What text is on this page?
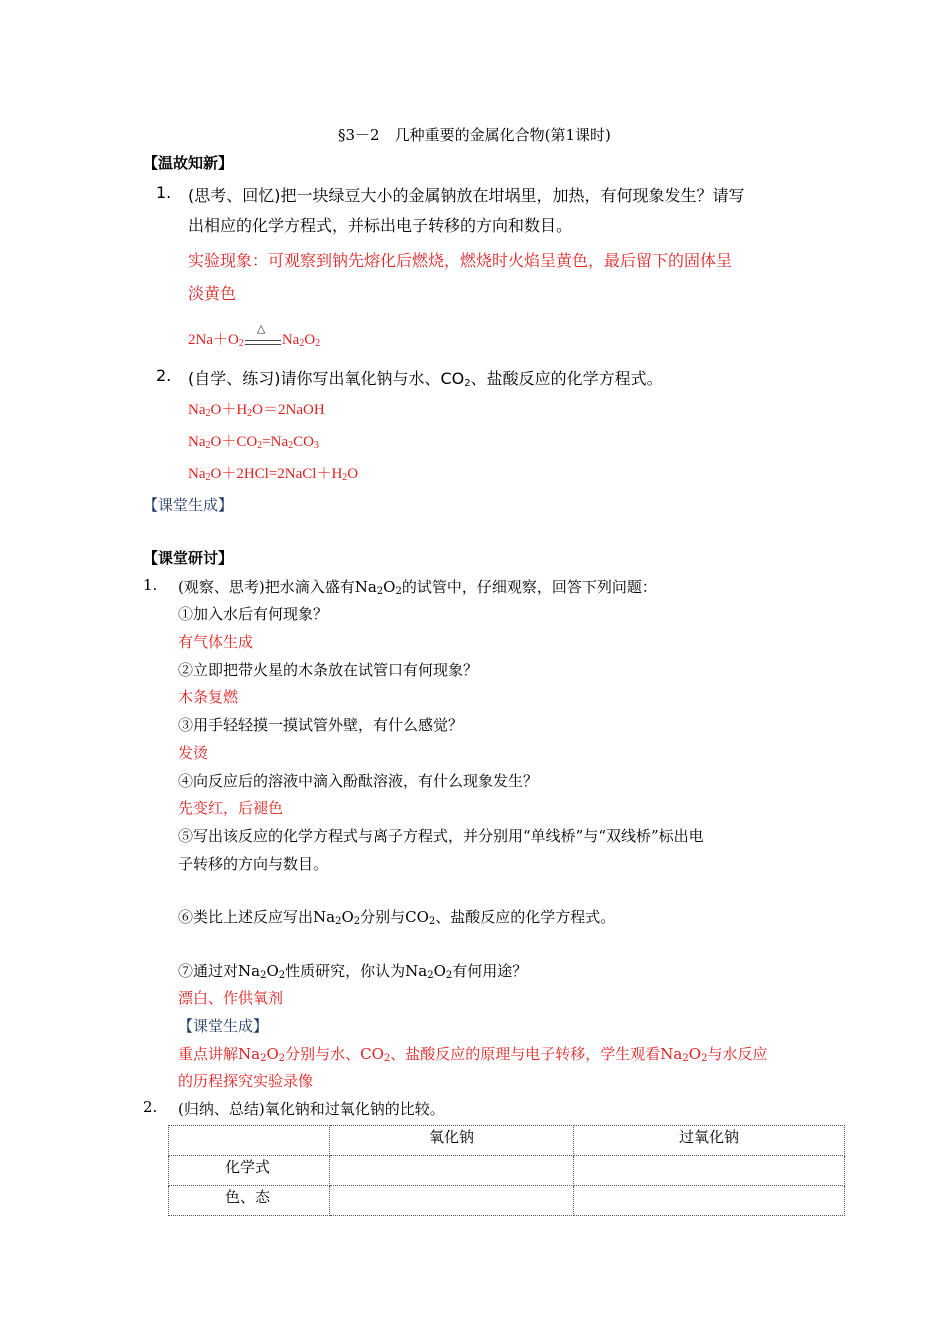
§3－2　几种重要的金属化合物(第1课时)
【温故知新】
1. (思考、回忆)把一块绿豆大小的金属钠放在坩埚里，加热，有何现象发生？请写
出相应的化学方程式，并标出电子转移的方向和数目。
实验现象：可观察到钠先熔化后燃烧，燃烧时火焰呈黄色，最后留下的固体呈
淡黄色
$2Na+O_2$
△
$Na_2O_2$
2. (自学、练习)请你写出氧化钠与水、$CO_2$、盐酸反应的化学方程式。
$Na_2O+H_2O=2NaOH$
$Na_2O+CO_2=Na_2CO_3$
$Na_2O+2HCl=2NaCl+H_2O$
【课堂生成】
【课堂研讨】
1. (观察、思考)把水滴入盛有$Na_2O_2$的试管中，仔细观察，回答下列问题：
①加入水后有何现象？
有气体生成
②立即把带火星的木条放在试管口有何现象？
木条复燃
③用手轻轻摸一摸试管外壁，有什么感觉？
发烫
④向反应后的溶液中滴入酚酞溶液，有什么现象发生？
先变红，后褪色
⑤写出该反应的化学方程式与离子方程式，并分别用“单线桥”与“双线桥”标出电
子转移的方向与数目。
⑥类比上述反应写出$Na_2O_2$分别与$CO_2$、盐酸反应的化学方程式。
⑦通过对$Na_2O_2$性质研究，你认为$Na_2O_2$有何用途？
漂白、作供氧剂
【课堂生成】
重点讲解$Na_2O_2$分别与水、$CO_2$、盐酸反应的原理与电子转移，学生观看$Na_2O_2$与水反应
的历程探究实验录像
2. (归纳、总结)氧化钠和过氧化钠的比较。
	氧化钠	过氧化钠
化学式		
色、态		
